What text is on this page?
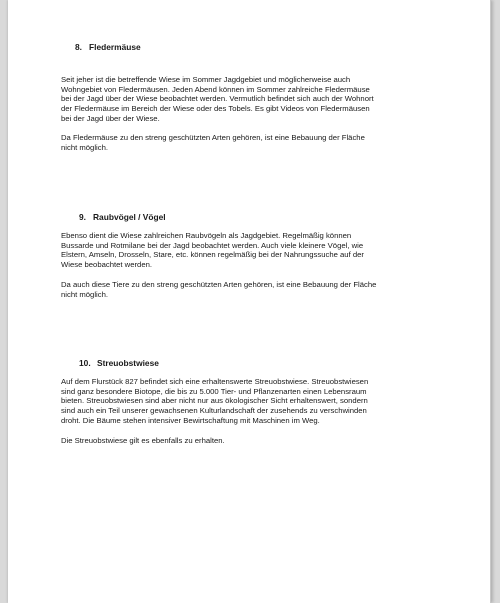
8. Fledermäuse

Seit jeher ist die betreffende Wiese im Sommer Jagdgebiet und möglicherweise auch
Wohngebiet von Fledermäusen. Jeden Abend können im Sommer zahlreiche Fledermäuse
bei der Jagd über der Wiese beobachtet werden. Vermutlich befindet sich auch der Wohnort
der Fledermäuse im Bereich der Wiese oder des Tobels. Es gibt Videos von Fledermäusen
bei der Jagd über der Wiese.

Da Fledermäuse zu den streng geschützten Arten gehören, ist eine Bebauung der Fläche
nicht möglich.

9. Raubvögel / Vögel

Ebenso dient die Wiese zahlreichen Raubvögeln als Jagdgebiet. Regelmäßig können
Bussarde und Rotmilane bei der Jagd beobachtet werden. Auch viele kleinere Vögel, wie
Elstern, Amseln, Drosseln, Stare, etc. können regelmäßig bei der Nahrungssuche auf der
Wiese beobachtet werden.

Da auch diese Tiere zu den streng geschützten Arten gehören, ist eine Bebauung der Fläche
nicht möglich.

10. Streuobstwiese

Auf dem Flurstück 827 befindet sich eine erhaltenswerte Streuobstwiese. Streuobstwiesen
sind ganz besondere Biotope, die bis zu 5.000 Tier- und Pflanzenarten einen Lebensraum
bieten. Streuobstwiesen sind aber nicht nur aus ökologischer Sicht erhaltenswert, sondern
sind auch ein Teil unserer gewachsenen Kulturlandschaft der zusehends zu verschwinden
droht. Die Bäume stehen intensiver Bewirtschaftung mit Maschinen im Weg.

Die Streuobstwiese gilt es ebenfalls zu erhalten.
